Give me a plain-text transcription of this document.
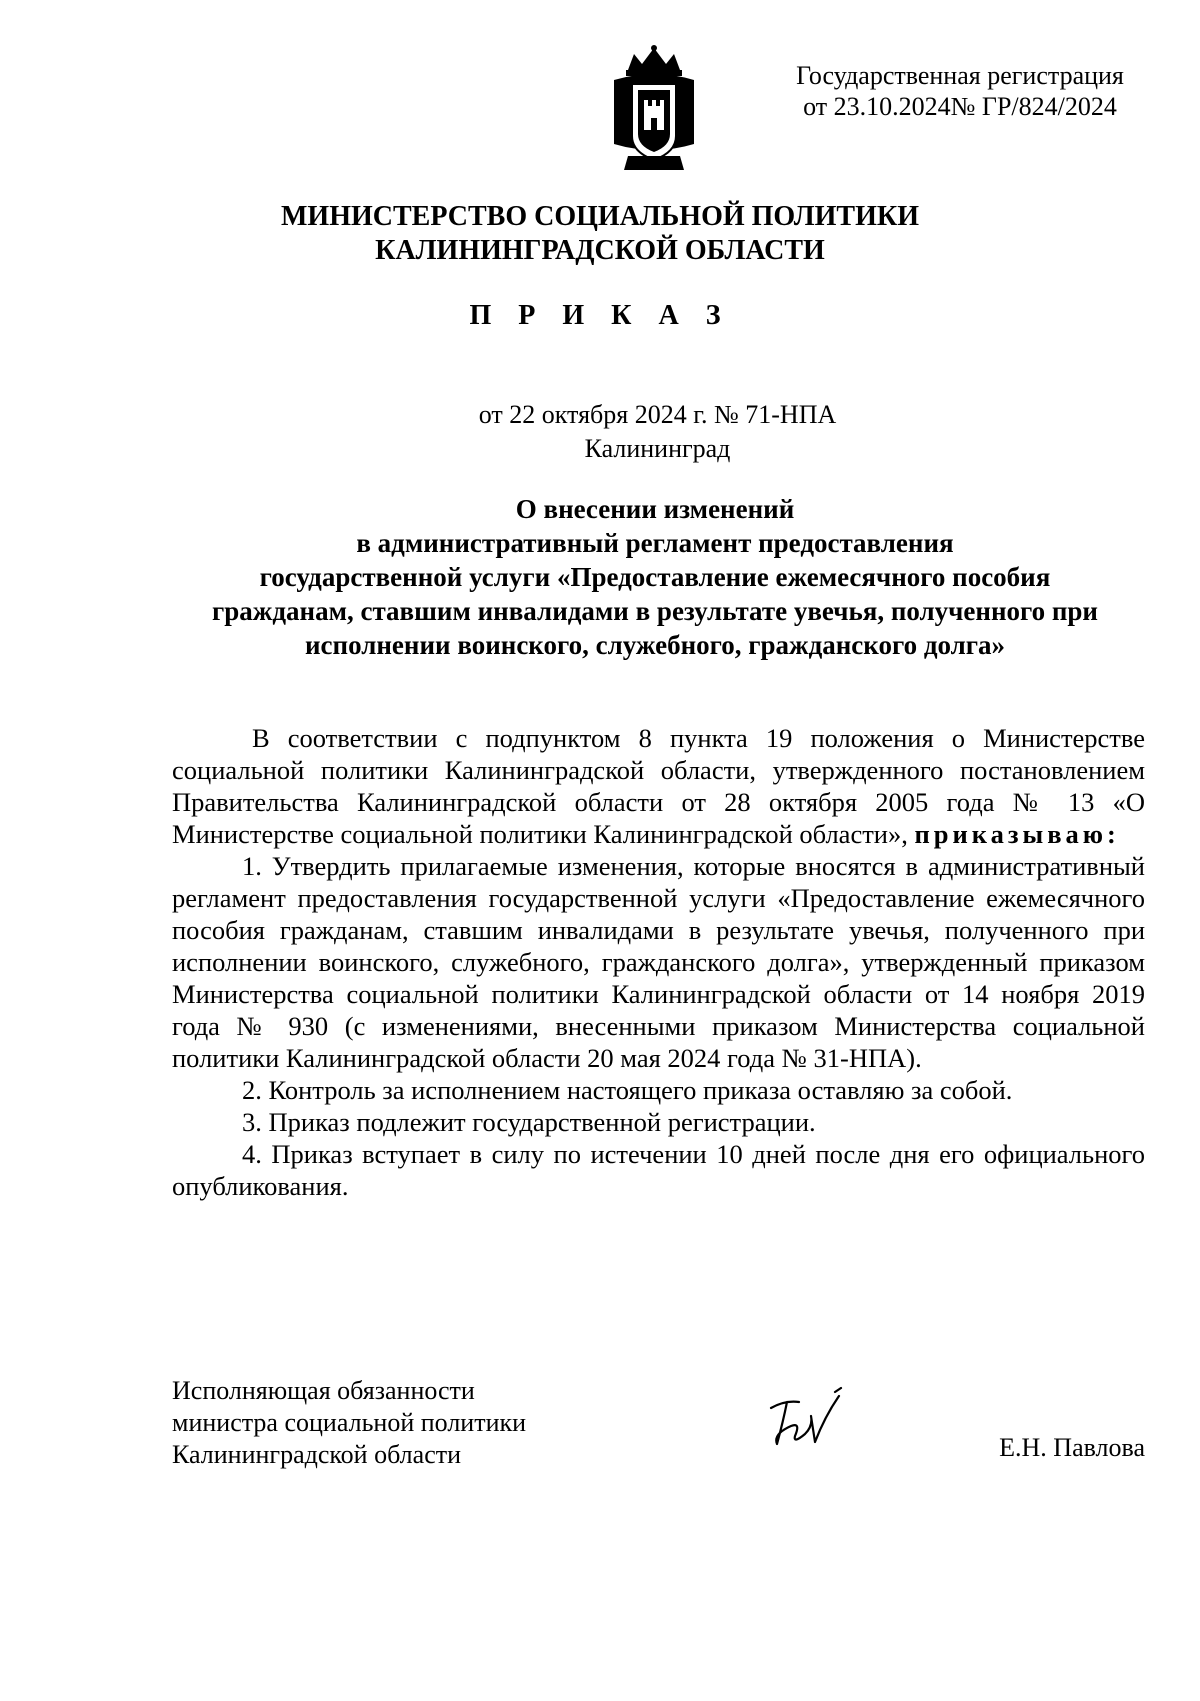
Государственная регистрация
от 23.10.2024№ ГР/824/2024
МИНИСТЕРСТВО СОЦИАЛЬНОЙ ПОЛИТИКИ
КАЛИНИНГРАДСКОЙ ОБЛАСТИ
П Р И К А З
от 22 октября 2024 г. № 71-НПА
Калининград
О внесении изменений
в административный регламент предоставления
государственной услуги «Предоставление ежемесячного пособия
гражданам, ставшим инвалидами в результате увечья, полученного при
исполнении воинского, служебного, гражданского долга»

В соответствии с подпунктом 8 пункта 19 положения о Министерстве социальной политики Калининградской области, утвержденного постановлением Правительства Калининградской области от 28 октября 2005 года № 13 «О Министерстве социальной политики Калининградской области», приказываю:

1. Утвердить прилагаемые изменения, которые вносятся в административный регламент предоставления государственной услуги «Предоставление ежемесячного пособия гражданам, ставшим инвалидами в результате увечья, полученного при исполнении воинского, служебного, гражданского долга», утвержденный приказом Министерства социальной политики Калининградской области от 14 ноября 2019 года № 930 (с изменениями, внесенными приказом Министерства социальной политики Калининградской области 20 мая 2024 года № 31-НПА).

2. Контроль за исполнением настоящего приказа оставляю за собой.

3. Приказ подлежит государственной регистрации.

4. Приказ вступает в силу по истечении 10 дней после дня его официального опубликования.

Исполняющая обязанности
министра социальной политики
Калининградской области	Е.Н. Павлова
